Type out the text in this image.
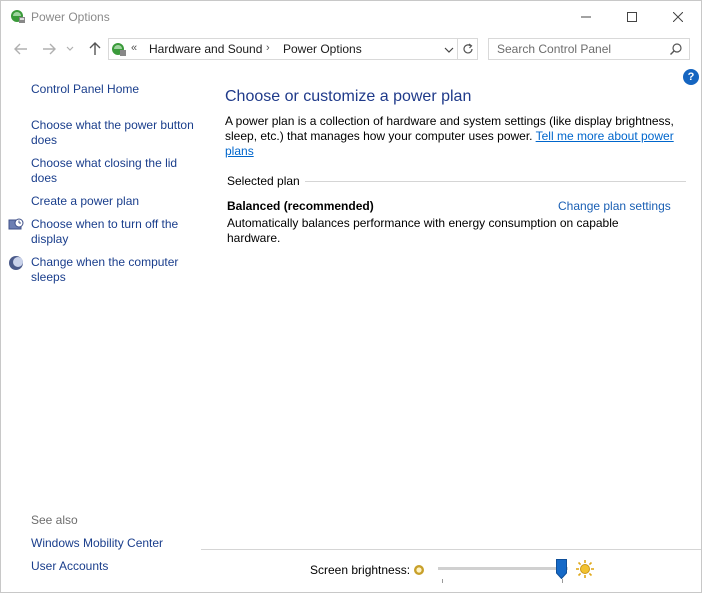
Power Options
« Hardware and Sound › Power Options	Search Control Panel
?
Control Panel Home
Choose what the power button does
Choose what closing the lid does
Create a power plan
Choose when to turn off the display
Change when the computer sleeps
See also
Windows Mobility Center
User Accounts
Choose or customize a power plan
A power plan is a collection of hardware and system settings (like display brightness, sleep, etc.) that manages how your computer uses power. Tell me more about power plans
Selected plan
Balanced (recommended)	Change plan settings
Automatically balances performance with energy consumption on capable hardware.
Screen brightness:
